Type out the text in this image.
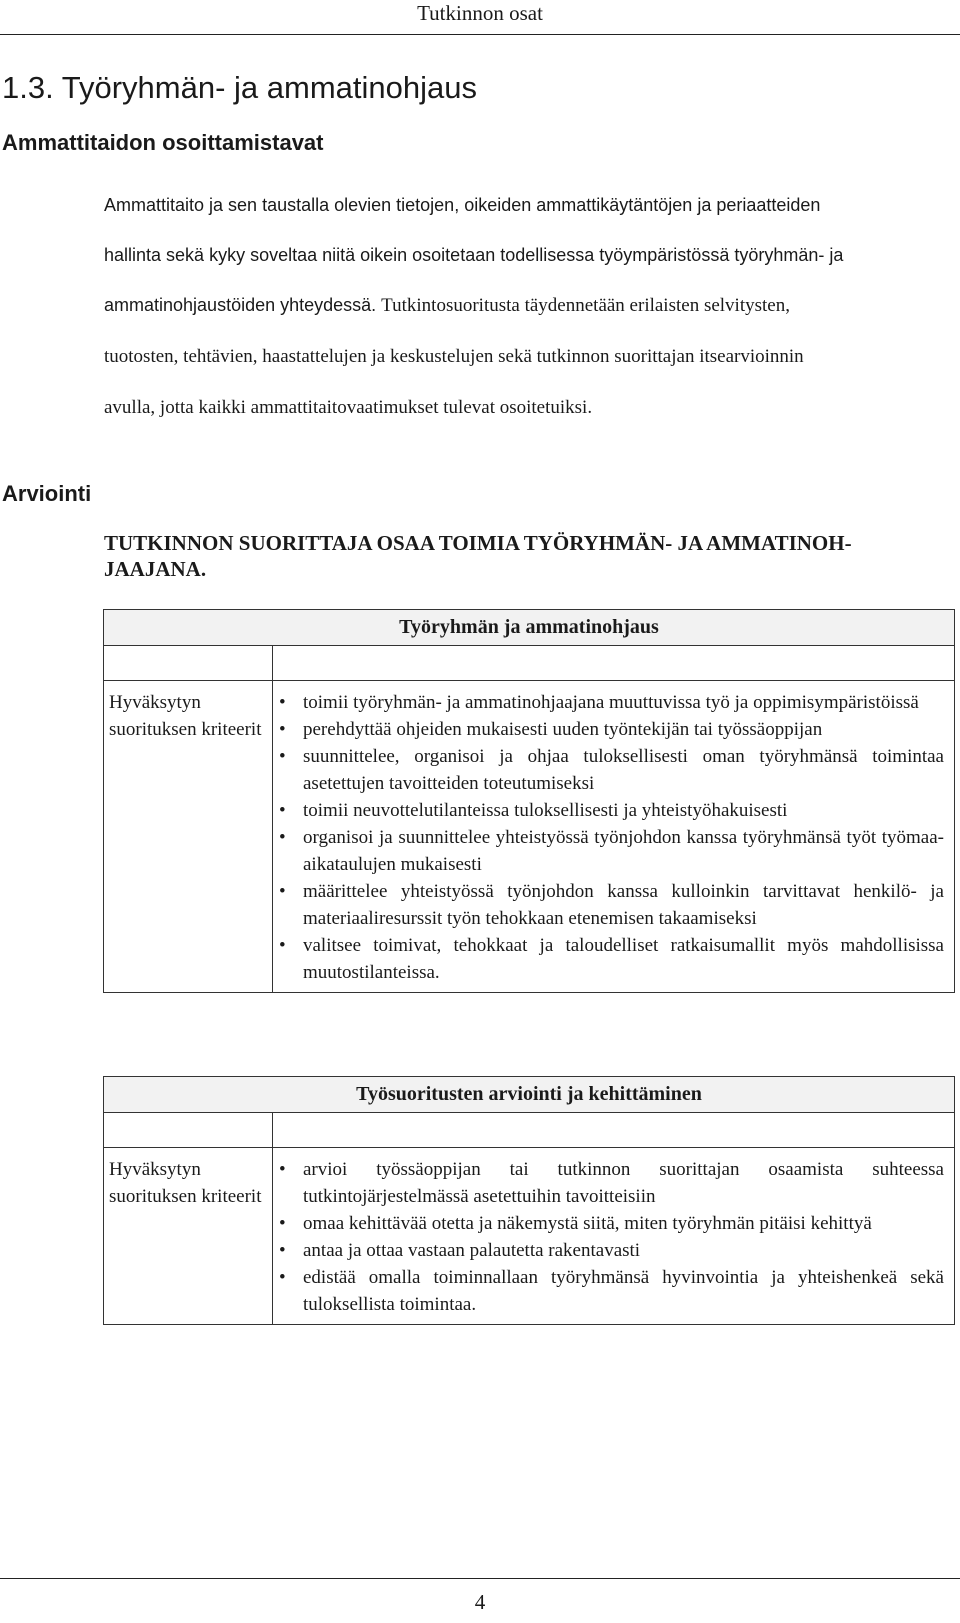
Tutkinnon osat
1.3. Työryhmän- ja ammatinohjaus
Ammattitaidon osoittamistavat

Ammattitaito ja sen taustalla olevien tietojen, oikeiden ammattikäytäntöjen ja periaatteiden hallinta sekä kyky soveltaa niitä oikein osoitetaan todellisessa työympäristössä työryhmän- ja ammatinohjaustöiden yhteydessä. Tutkintosuoritusta täydennetään erilaisten selvitysten, tuotosten, tehtävien, haastattelujen ja keskustelujen sekä tutkinnon suorittajan itsearvioinnin avulla, jotta kaikki ammattitaitovaatimukset tulevat osoitetuiksi.

Arviointi
TUTKINNON SUORITTAJA OSAA TOIMIA TYÖRYHMÄN- JA AMMATINOH-JAAJANA.
Työryhmän ja ammatinohjaus
Hyväksytyn suorituksen kriteerit
• toimii työryhmän- ja ammatinohjaajana muuttuvissa työ ja oppimisympäristöissä
• perehdyttää ohjeiden mukaisesti uuden työntekijän tai työssäoppijan
• suunnittelee, organisoi ja ohjaa tuloksellisesti oman työryhmänsä toimintaa asetettujen tavoitteiden toteutumiseksi
• toimii neuvottelutilanteissa tuloksellisesti ja yhteistyöhakuisesti
• organisoi ja suunnittelee yhteistyössä työnjohdon kanssa työryhmänsä työt työmaa-aikataulujen mukaisesti
• määrittelee yhteistyössä työnjohdon kanssa kulloinkin tarvittavat henkilö- ja materiaaliresurssit työn tehokkaan etenemisen takaamiseksi
• valitsee toimivat, tehokkaat ja taloudelliset ratkaisumallit myös mahdollisissa muutostilanteissa.
Työsuoritusten arviointi ja kehittäminen
Hyväksytyn suorituksen kriteerit
• arvioi työssäoppijan tai tutkinnon suorittajan osaamista suhteessa tutkintojärjestelmässä asetettuihin tavoitteisiin
• omaa kehittävää otetta ja näkemystä siitä, miten työryhmän pitäisi kehittyä
• antaa ja ottaa vastaan palautetta rakentavasti
• edistää omalla toiminnallaan työryhmänsä hyvinvointia ja yhteishenkeä sekä tuloksellista toimintaa.
4
